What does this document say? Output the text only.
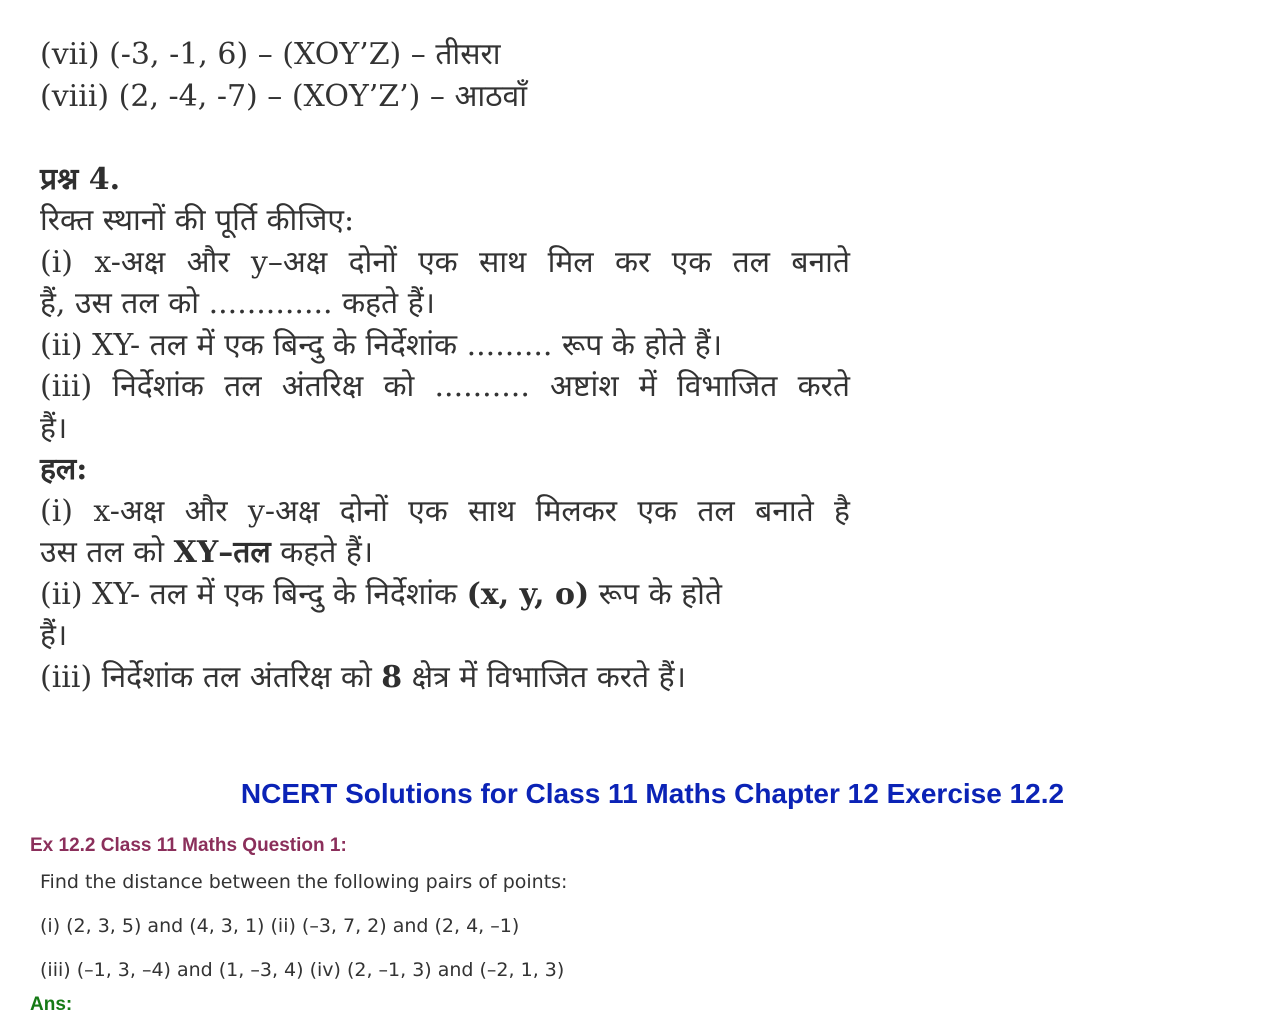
(vii) (-3, -1, 6) – (XOY’Z) – तीसरा
(viii) (2, -4, -7) – (XOY’Z’) – आठवाँ
प्रश्न 4.
रिक्त स्थानों की पूर्ति कीजिए:
(i) x-अक्ष और y–अक्ष दोनों एक साथ मिल कर एक तल बनाते
हैं, उस तल को ............. कहते हैं।
(ii) XY- तल में एक बिन्दु के निर्देशांक ......... रूप के होते हैं।
(iii) निर्देशांक तल अंतरिक्ष को .......... अष्टांश में विभाजित करते
हैं।
हल:
(i) x-अक्ष और y-अक्ष दोनों एक साथ मिलकर एक तल बनाते है
उस तल को XY–तल कहते हैं।
(ii) XY- तल में एक बिन्दु के निर्देशांक (x, y, o) रूप के होते
हैं।
(iii) निर्देशांक तल अंतरिक्ष को 8 क्षेत्र में विभाजित करते हैं।
NCERT Solutions for Class 11 Maths Chapter 12 Exercise 12.2
Ex 12.2 Class 11 Maths Question 1:
Find the distance between the following pairs of points:
(i) (2, 3, 5) and (4, 3, 1) (ii) (–3, 7, 2) and (2, 4, –1)
(iii) (–1, 3, –4) and (1, –3, 4) (iv) (2, –1, 3) and (–2, 1, 3)
Ans:
